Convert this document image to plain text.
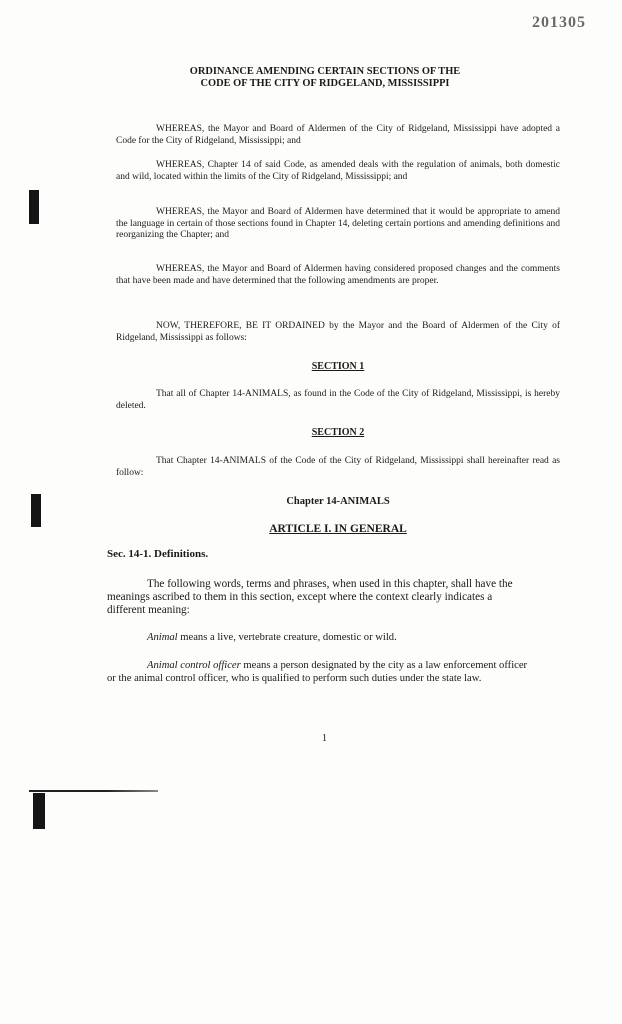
201305
ORDINANCE AMENDING CERTAIN SECTIONS OF THE
CODE OF THE CITY OF RIDGELAND, MISSISSIPPI

WHEREAS, the Mayor and Board of Aldermen of the City of Ridgeland, Mississippi have adopted a Code for the City of Ridgeland, Mississippi; and

WHEREAS, Chapter 14 of said Code, as amended deals with the regulation of animals, both domestic and wild, located within the limits of the City of Ridgeland, Mississippi; and

WHEREAS, the Mayor and Board of Aldermen have determined that it would be appropriate to amend the language in certain of those sections found in Chapter 14, deleting certain portions and amending definitions and reorganizing the Chapter; and

WHEREAS, the Mayor and Board of Aldermen having considered proposed changes and the comments that have been made and have determined that the following amendments are proper.

NOW, THEREFORE, BE IT ORDAINED by the Mayor and the Board of Aldermen of the City of Ridgeland, Mississippi as follows:

SECTION 1

That all of Chapter 14-ANIMALS, as found in the Code of the City of Ridgeland, Mississippi, is hereby deleted.

SECTION 2

That Chapter 14-ANIMALS of the Code of the City of Ridgeland, Mississippi shall hereinafter read as follow:

Chapter 14-ANIMALS
ARTICLE I. IN GENERAL
Sec. 14-1. Definitions.

The following words, terms and phrases, when used in this chapter, shall have the meanings ascribed to them in this section, except where the context clearly indicates a different meaning:

Animal means a live, vertebrate creature, domestic or wild.

Animal control officer means a person designated by the city as a law enforcement officer or the animal control officer, who is qualified to perform such duties under the state law.

1
